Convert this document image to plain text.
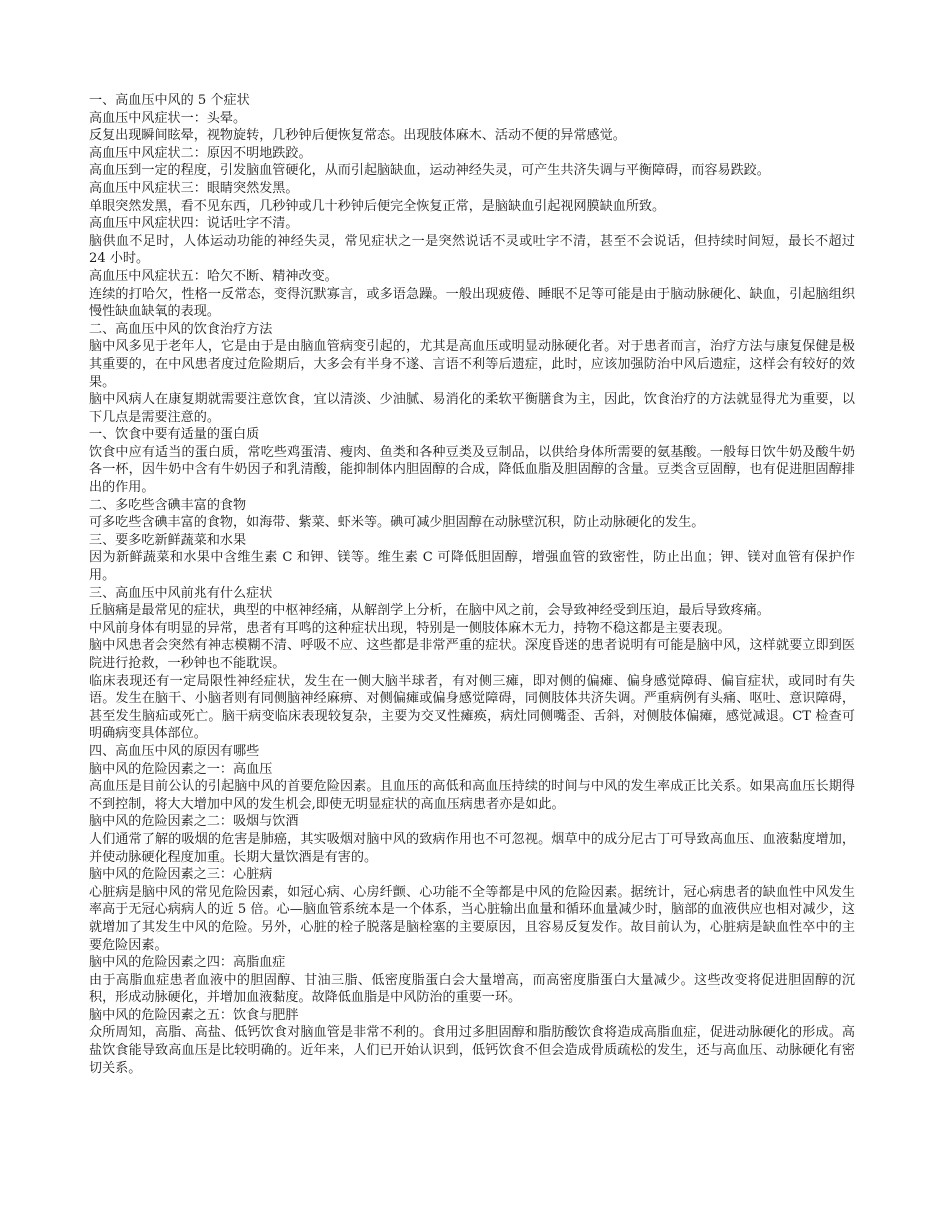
一、高血压中风的 5 个症状

高血压中风症状一：头晕。

反复出现瞬间眩晕，视物旋转，几秒钟后便恢复常态。出现肢体麻木、活动不便的异常感觉。

高血压中风症状二：原因不明地跌跤。

高血压到一定的程度，引发脑血管硬化，从而引起脑缺血，运动神经失灵，可产生共济失调与平衡障碍，而容易跌跤。

高血压中风症状三：眼睛突然发黑。

单眼突然发黑，看不见东西，几秒钟或几十秒钟后便完全恢复正常，是脑缺血引起视网膜缺血所致。

高血压中风症状四：说话吐字不清。

脑供血不足时，人体运动功能的神经失灵，常见症状之一是突然说话不灵或吐字不清，甚至不会说话，但持续时间短，最长不超过 24 小时。

高血压中风症状五：哈欠不断、精神改变。

连续的打哈欠，性格一反常态，变得沉默寡言，或多语急躁。一般出现疲倦、睡眠不足等可能是由于脑动脉硬化、缺血，引起脑组织慢性缺血缺氧的表现。

二、高血压中风的饮食治疗方法

脑中风多见于老年人，它是由于是由脑血管病变引起的，尤其是高血压或明显动脉硬化者。对于患者而言，治疗方法与康复保健是极其重要的，在中风患者度过危险期后，大多会有半身不遂、言语不利等后遗症，此时，应该加强防治中风后遗症，这样会有较好的效果。

脑中风病人在康复期就需要注意饮食，宜以清淡、少油腻、易消化的柔软平衡膳食为主，因此，饮食治疗的方法就显得尤为重要，以下几点是需要注意的。

一、饮食中要有适量的蛋白质

饮食中应有适当的蛋白质，常吃些鸡蛋清、瘦肉、鱼类和各种豆类及豆制品，以供给身体所需要的氨基酸。一般每日饮牛奶及酸牛奶各一杯，因牛奶中含有牛奶因子和乳清酸，能抑制体内胆固醇的合成，降低血脂及胆固醇的含量。豆类含豆固醇，也有促进胆固醇排出的作用。

二、多吃些含碘丰富的食物

可多吃些含碘丰富的食物，如海带、紫菜、虾米等。碘可减少胆固醇在动脉壁沉积，防止动脉硬化的发生。

三、要多吃新鲜蔬菜和水果

因为新鲜蔬菜和水果中含维生素 C 和钾、镁等。维生素 C 可降低胆固醇，增强血管的致密性，防止出血；钾、镁对血管有保护作用。

三、高血压中风前兆有什么症状

丘脑痛是最常见的症状，典型的中枢神经痛，从解剖学上分析，在脑中风之前，会导致神经受到压迫，最后导致疼痛。

中风前身体有明显的异常，患者有耳鸣的这种症状出现，特别是一侧肢体麻木无力，持物不稳这都是主要表现。

脑中风患者会突然有神志模糊不清、呼吸不应、这些都是非常严重的症状。深度昏迷的患者说明有可能是脑中风，这样就要立即到医院进行抢救，一秒钟也不能耽误。

临床表现还有一定局限性神经症状，发生在一侧大脑半球者，有对侧三瘫，即对侧的偏瘫、偏身感觉障碍、偏盲症状，或同时有失语。发生在脑干、小脑者则有同侧脑神经麻痹、对侧偏瘫或偏身感觉障碍，同侧肢体共济失调。严重病例有头痛、呕吐、意识障碍，甚至发生脑疝或死亡。脑干病变临床表现较复杂，主要为交叉性瘫痪，病灶同侧嘴歪、舌斜，对侧肢体偏瘫，感觉减退。CT 检查可明确病变具体部位。

四、高血压中风的原因有哪些

脑中风的危险因素之一：高血压

高血压是目前公认的引起脑中风的首要危险因素。且血压的高低和高血压持续的时间与中风的发生率成正比关系。如果高血压长期得不到控制，将大大增加中风的发生机会,即使无明显症状的高血压病患者亦是如此。

脑中风的危险因素之二：吸烟与饮酒

人们通常了解的吸烟的危害是肺癌，其实吸烟对脑中风的致病作用也不可忽视。烟草中的成分尼古丁可导致高血压、血液黏度增加，并使动脉硬化程度加重。长期大量饮酒是有害的。

脑中风的危险因素之三：心脏病

心脏病是脑中风的常见危险因素，如冠心病、心房纤颤、心功能不全等都是中风的危险因素。据统计，冠心病患者的缺血性中风发生率高于无冠心病病人的近 5 倍。心—脑血管系统本是一个体系，当心脏输出血量和循环血量减少时，脑部的血液供应也相对减少，这就增加了其发生中风的危险。另外，心脏的栓子脱落是脑栓塞的主要原因，且容易反复发作。故目前认为，心脏病是缺血性卒中的主要危险因素。

脑中风的危险因素之四：高脂血症

由于高脂血症患者血液中的胆固醇、甘油三脂、低密度脂蛋白会大量增高，而高密度脂蛋白大量减少。这些改变将促进胆固醇的沉积，形成动脉硬化，并增加血液黏度。故降低血脂是中风防治的重要一环。

脑中风的危险因素之五：饮食与肥胖

众所周知，高脂、高盐、低钙饮食对脑血管是非常不利的。食用过多胆固醇和脂肪酸饮食将造成高脂血症，促进动脉硬化的形成。高盐饮食能导致高血压是比较明确的。近年来，人们已开始认识到，低钙饮食不但会造成骨质疏松的发生，还与高血压、动脉硬化有密切关系。
